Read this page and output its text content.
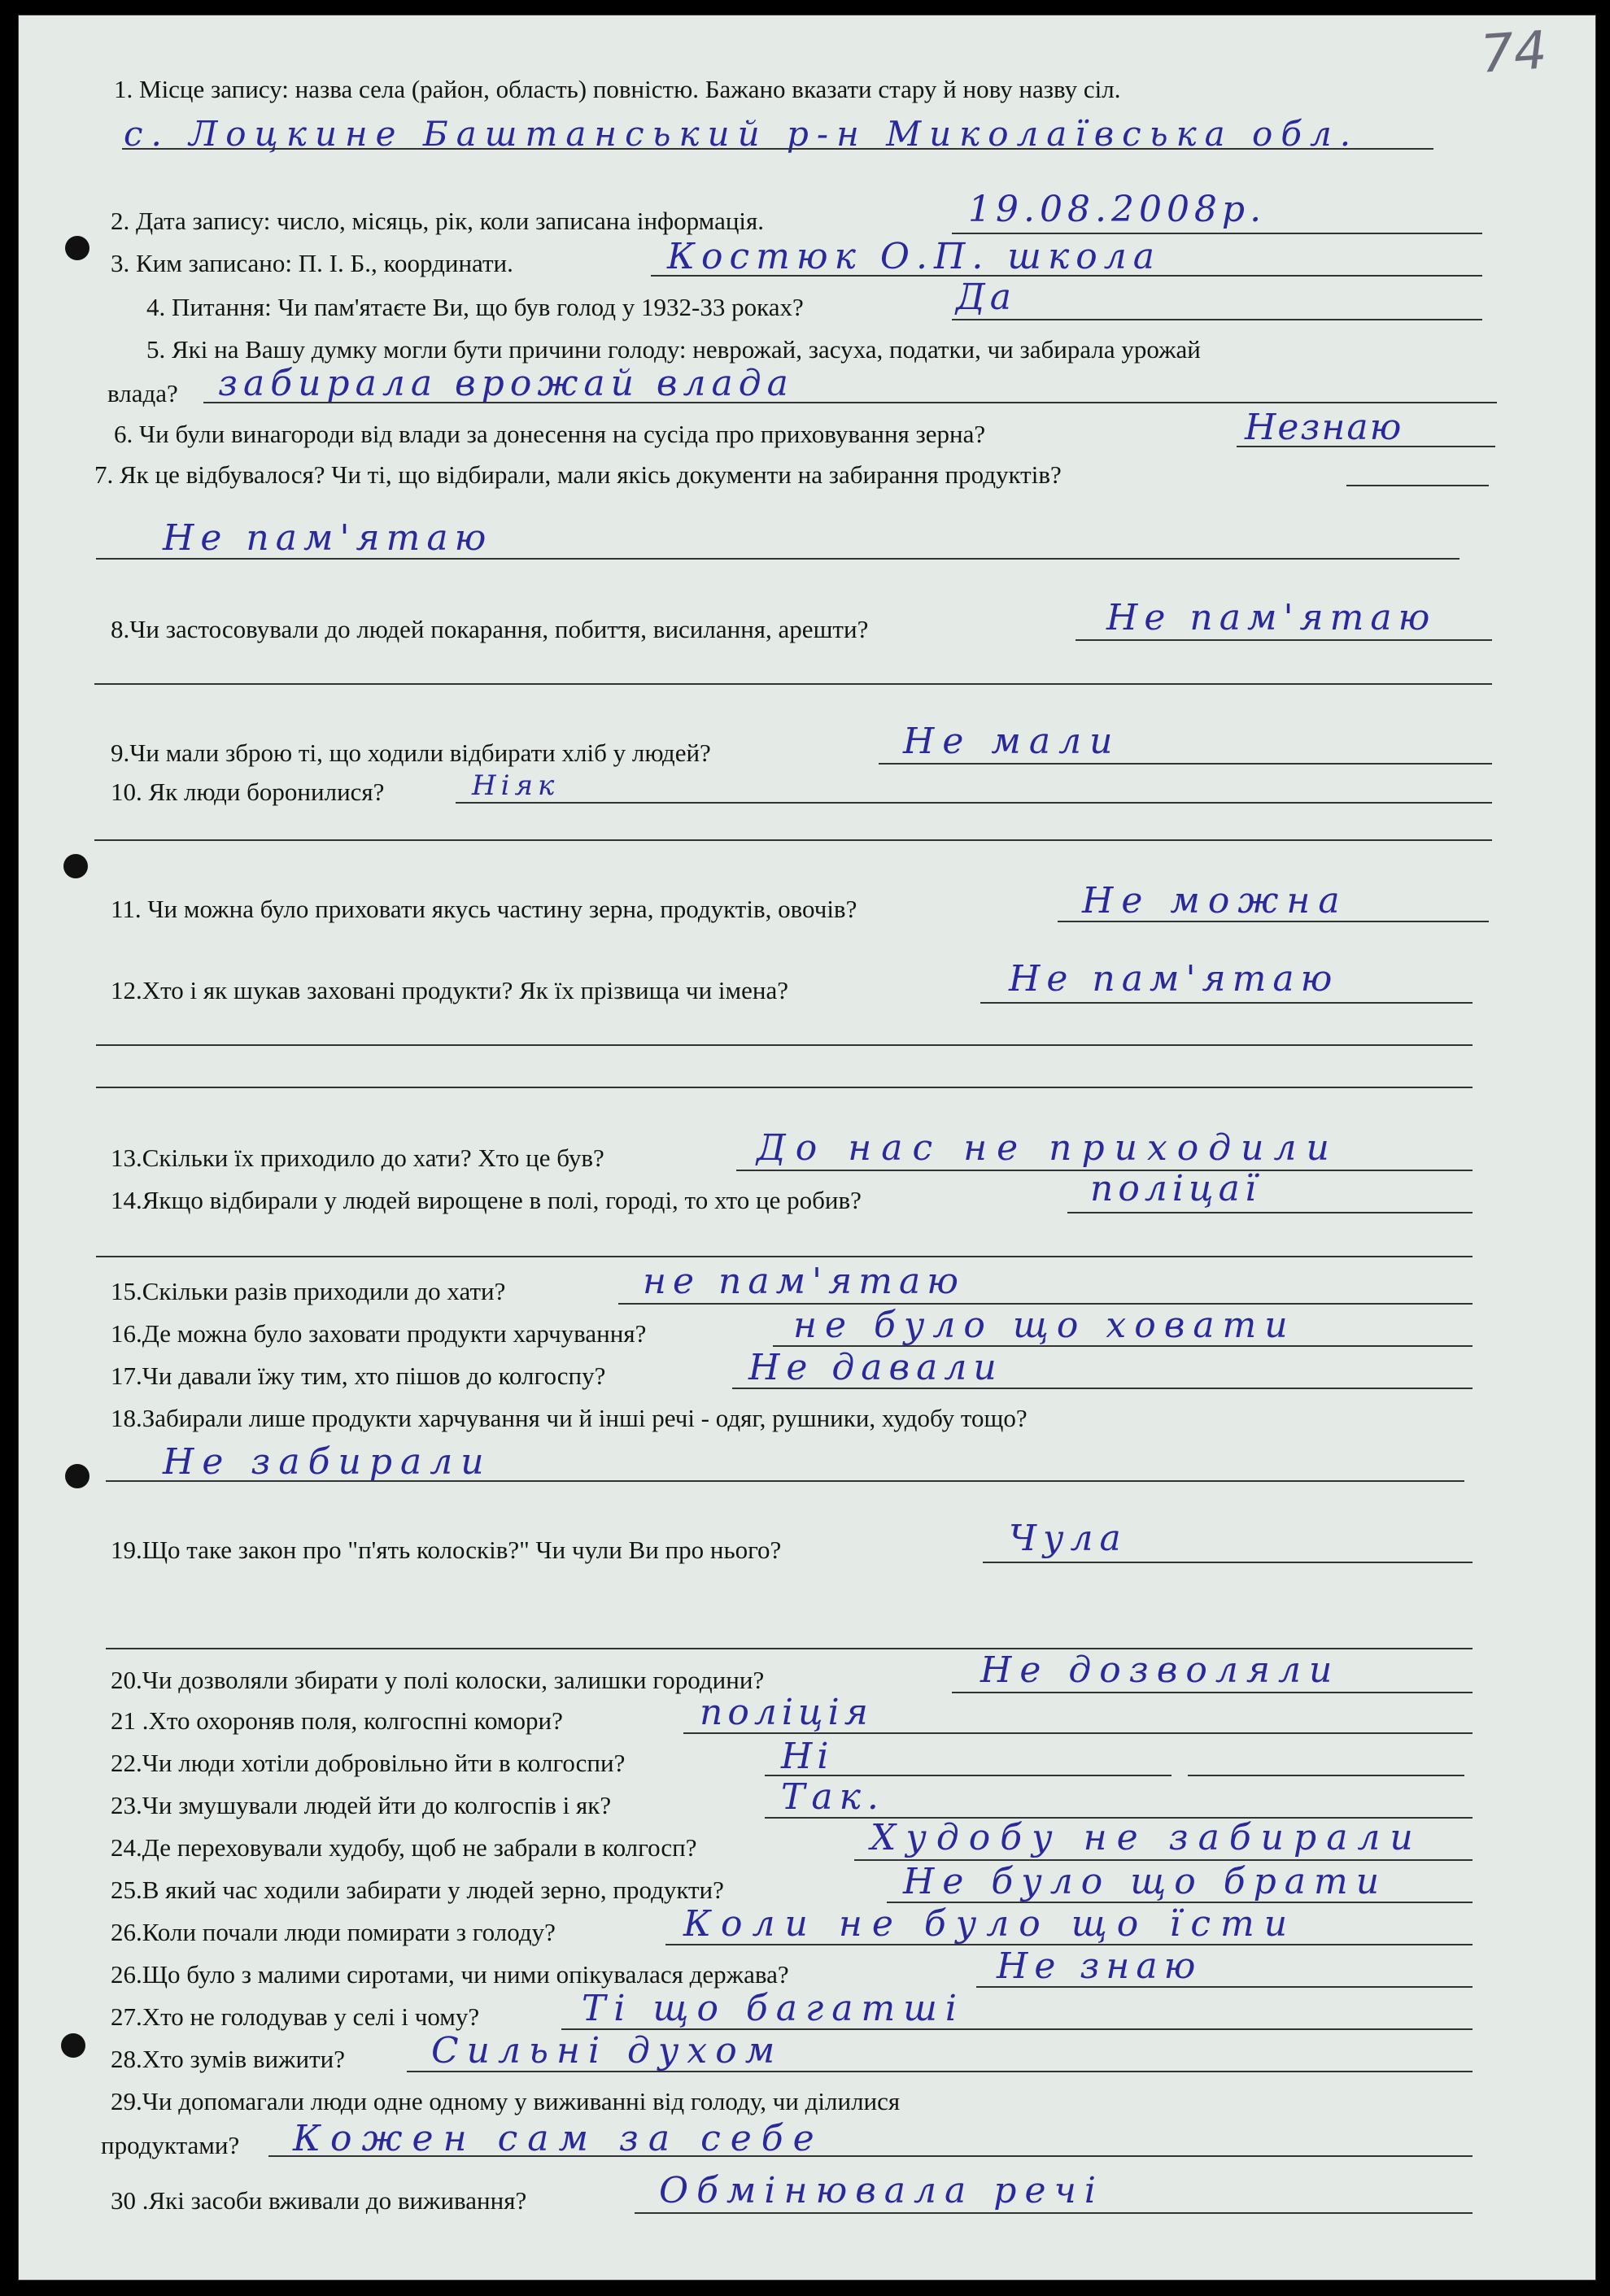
74
1. Місце запису: назва села (район, область) повністю. Бажано вказати стару й нову назву сіл.
с. Лоцкине Баштанський р-н Миколаївська обл.
2. Дата запису: число, місяць, рік, коли записана інформація.	19.08.2008р.
3. Ким записано: П. І. Б., координати.	Костюк О.П. школа
4. Питання: Чи пам'ятаєте Ви, що був голод у 1932-33 роках?	Да
5. Які на Вашу думку могли бути причини голоду: неврожай, засуха, податки, чи забирала урожай
влада? забирала врожай влада
6. Чи були винагороди від влади за донесення на сусіда про приховування зерна?	Незнаю
7. Як це відбувалося? Чи ті, що відбирали, мали якісь документи на забирання продуктів?
Не пам'ятаю
8.Чи застосовували до людей покарання, побиття, висилання, арешти?	Не пам'ятаю
9.Чи мали зброю ті, що ходили відбирати хліб у людей?	Не мали
10. Як люди боронилися?	Ніяк
11. Чи можна було приховати якусь частину зерна, продуктів, овочів?	Не можна
12.Хто і як шукав заховані продукти? Як їх прізвища чи імена?	Не пам'ятаю
13.Скільки їх приходило до хати? Хто це був?	До нас не приходили
14.Якщо відбирали у людей вирощене в полі, городі, то хто це робив?	поліцаї
15.Скільки разів приходили до хати?	не пам'ятаю
16.Де можна було заховати продукти харчування?	не було що ховати
17.Чи давали їжу тим, хто пішов до колгоспу?	Не давали
18.Забирали лише продукти харчування чи й інші речі - одяг, рушники, худобу тощо?
Не забирали
19.Що таке закон про "п'ять колосків?" Чи чули Ви про нього?	Чула
20.Чи дозволяли збирати у полі колоски, залишки городини?	Не дозволяли
21 .Хто охороняв поля, колгоспні комори?	поліція
22.Чи люди хотіли добровільно йти в колгоспи?	Ні
23.Чи змушували людей йти до колгоспів і як?	Так.
24.Де переховували худобу, щоб не забрали в колгосп?	Худобу не забирали
25.В який час ходили забирати у людей зерно, продукти?	Не було що брати
26.Коли почали люди помирати з голоду?	Коли не було що їсти
26.Що було з малими сиротами, чи ними опікувалася держава?	Не знаю
27.Хто не голодував у селі і чому?	Ті що багатші
28.Хто зумів вижити? Сильні духом
29.Чи допомагали люди одне одному у виживанні від голоду, чи ділилися
продуктами? Кожен сам за себе
30 .Які засоби вживали до виживання?	Обмінювала речі
